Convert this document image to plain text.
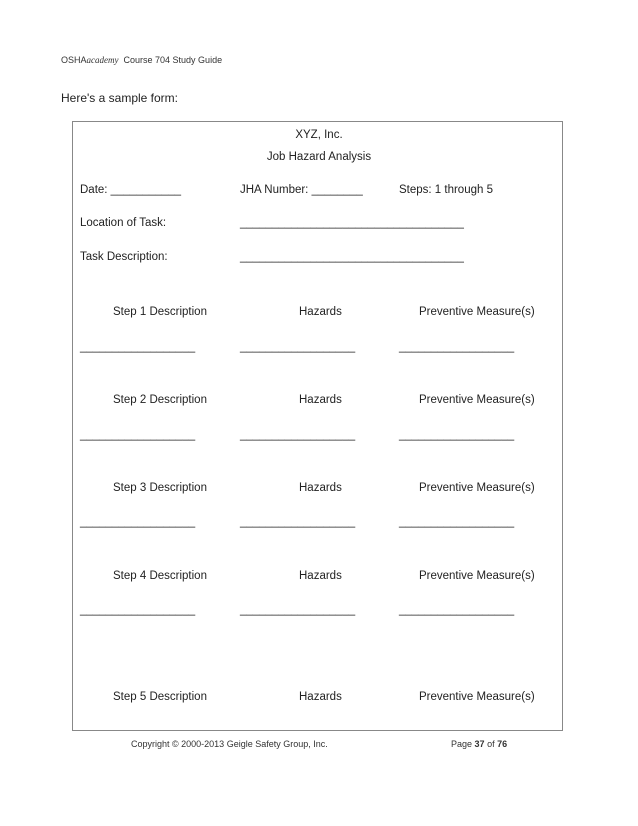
OSHAacademy Course 704 Study Guide
Here's a sample form:
XYZ, Inc.
Job Hazard Analysis
Date: ___________	JHA Number: ________	Steps: 1 through 5
Location of Task:	___________________________________
Task Description:	___________________________________
Step 1 Description	Hazards	Preventive Measure(s)
__________________	__________________	__________________
Step 2 Description	Hazards	Preventive Measure(s)
__________________	__________________	__________________
Step 3 Description	Hazards	Preventive Measure(s)
__________________	__________________	__________________
Step 4 Description	Hazards	Preventive Measure(s)
__________________	__________________	__________________
Step 5 Description	Hazards	Preventive Measure(s)
Copyright © 2000-2013 Geigle Safety Group, Inc.	Page 37 of 76
